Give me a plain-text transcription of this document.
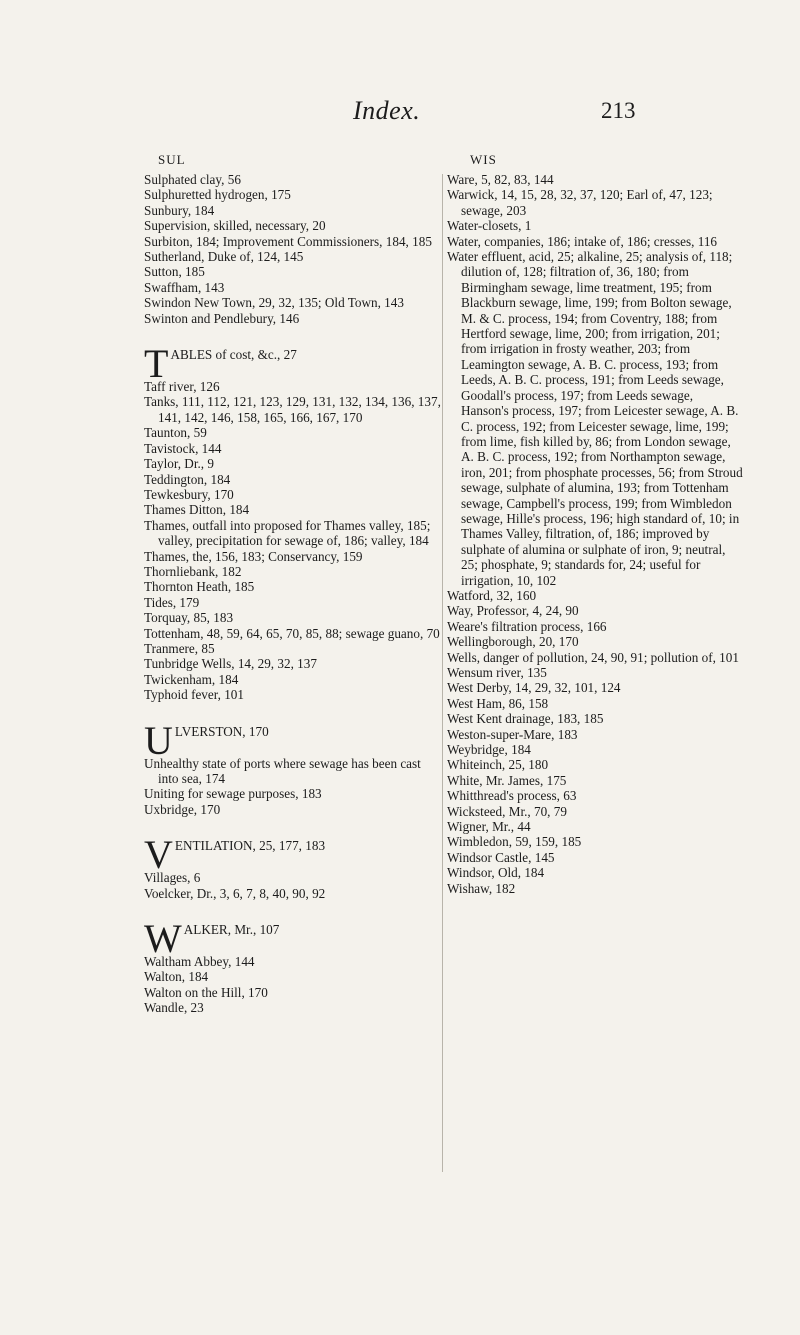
Index.	213
SUL	WIS
Sulphated clay, 56
Sulphuretted hydrogen, 175
Sunbury, 184
Supervision, skilled, necessary, 20
Surbiton, 184; Improvement Commissioners, 184, 185
Sutherland, Duke of, 124, 145
Sutton, 185
Swaffham, 143
Swindon New Town, 29, 32, 135; Old Town, 143
Swinton and Pendlebury, 146
TABLES of cost, &c., 27
Taff river, 126
Tanks, 111, 112, 121, 123, 129, 131, 132, 134, 136, 137, 141, 142, 146, 158, 165, 166, 167, 170
Taunton, 59
Tavistock, 144
Taylor, Dr., 9
Teddington, 184
Tewkesbury, 170
Thames Ditton, 184
Thames, outfall into proposed for Thames valley, 185; valley, precipitation for sewage of, 186; valley, 184
Thames, the, 156, 183; Conservancy, 159
Thornliebank, 182
Thornton Heath, 185
Tides, 179
Torquay, 85, 183
Tottenham, 48, 59, 64, 65, 70, 85, 88; sewage guano, 70
Tranmere, 85
Tunbridge Wells, 14, 29, 32, 137
Twickenham, 184
Typhoid fever, 101
ULVERSTON, 170
Unhealthy state of ports where sewage has been cast into sea, 174
Uniting for sewage purposes, 183
Uxbridge, 170
VENTILATION, 25, 177, 183
Villages, 6
Voelcker, Dr., 3, 6, 7, 8, 40, 90, 92
WALKER, Mr., 107
Waltham Abbey, 144
Walton, 184
Walton on the Hill, 170
Wandle, 23
Ware, 5, 82, 83, 144
Warwick, 14, 15, 28, 32, 37, 120; Earl of, 47, 123; sewage, 203
Water-closets, 1
Water, companies, 186; intake of, 186; cresses, 116
Water effluent, acid, 25; alkaline, 25; analysis of, 118; dilution of, 128; filtration of, 36, 180; from Birmingham sewage, lime treatment, 195; from Blackburn sewage, lime, 199; from Bolton sewage, M. & C. process, 194; from Coventry, 188; from Hertford sewage, lime, 200; from irrigation, 201; from irrigation in frosty weather, 203; from Leamington sewage, A. B. C. process, 193; from Leeds, A. B. C. process, 191; from Leeds sewage, Goodall's process, 197; from Leeds sewage, Hanson's process, 197; from Leicester sewage, A. B. C. process, 192; from Leicester sewage, lime, 199; from lime, fish killed by, 86; from London sewage, A. B. C. process, 192; from Northampton sewage, iron, 201; from phosphate processes, 56; from Stroud sewage, sulphate of alumina, 193; from Tottenham sewage, Campbell's process, 199; from Wimbledon sewage, Hille's process, 196; high standard of, 10; in Thames Valley, filtration, of, 186; improved by sulphate of alumina or sulphate of iron, 9; neutral, 25; phosphate, 9; standards for, 24; useful for irrigation, 10, 102
Watford, 32, 160
Way, Professor, 4, 24, 90
Weare's filtration process, 166
Wellingborough, 20, 170
Wells, danger of pollution, 24, 90, 91; pollution of, 101
Wensum river, 135
West Derby, 14, 29, 32, 101, 124
West Ham, 86, 158
West Kent drainage, 183, 185
Weston-super-Mare, 183
Weybridge, 184
Whiteinch, 25, 180
White, Mr. James, 175
Whitthread's process, 63
Wicksteed, Mr., 70, 79
Wigner, Mr., 44
Wimbledon, 59, 159, 185
Windsor Castle, 145
Windsor, Old, 184
Wishaw, 182
